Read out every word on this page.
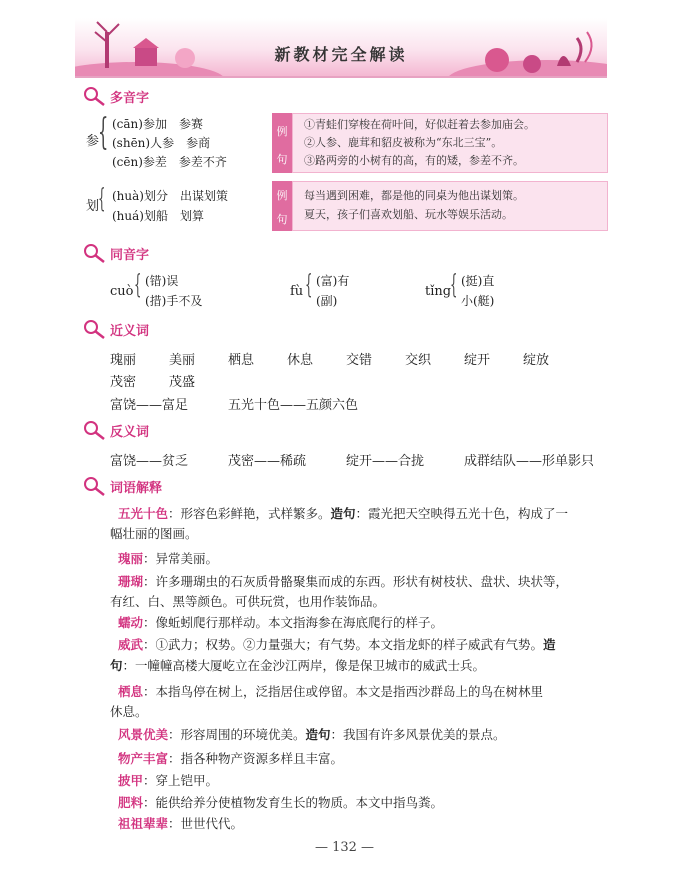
新教材完全解读
多音字
参
{ (cān)参加　参赛
(shēn)人参　参商
(cēn)参差　参差不齐
例
句
①青蛙们穿梭在荷叶间，好似赶着去参加庙会。
②人参、鹿茸和貂皮被称为“东北三宝”。
③路两旁的小树有的高，有的矮，参差不齐。
划
{ (huà)划分　出谋划策
(huá)划船　划算
例
句
每当遇到困难，都是他的同桌为他出谋划策。
夏天，孩子们喜欢划船、玩水等娱乐活动。
同音字
cuò { (错)误
(措)手不及
fù { (富)有
(副)
tǐng
{ (挺)直
小(艇)
近义词
瑰丽	美丽	栖息	休息	交错	交织	绽开	绽放
茂密	茂盛
富饶——富足	五光十色——五颜六色
反义词
富饶——贫乏	茂密——稀疏	绽开——合拢	成群结队——形单影只
词语解释
五光十色：形容色彩鲜艳，式样繁多。造句：霞光把天空映得五光十色，构成了一
幅壮丽的图画。
瑰丽：异常美丽。
珊瑚：许多珊瑚虫的石灰质骨骼聚集而成的东西。形状有树枝状、盘状、块状等，
有红、白、黑等颜色。可供玩赏，也用作装饰品。
蠕动：像蚯蚓爬行那样动。本文指海参在海底爬行的样子。
威武：①武力；权势。②力量强大；有气势。本文指龙虾的样子威武有气势。造
句：一幢幢高楼大厦屹立在金沙江两岸，像是保卫城市的威武士兵。
栖息：本指鸟停在树上，泛指居住或停留。本文是指西沙群岛上的鸟在树林里
休息。
风景优美：形容周围的环境优美。造句：我国有许多风景优美的景点。
物产丰富：指各种物产资源多样且丰富。
披甲：穿上铠甲。
肥料：能供给养分使植物发育生长的物质。本文中指鸟粪。
祖祖辈辈：世世代代。
— 132 —
